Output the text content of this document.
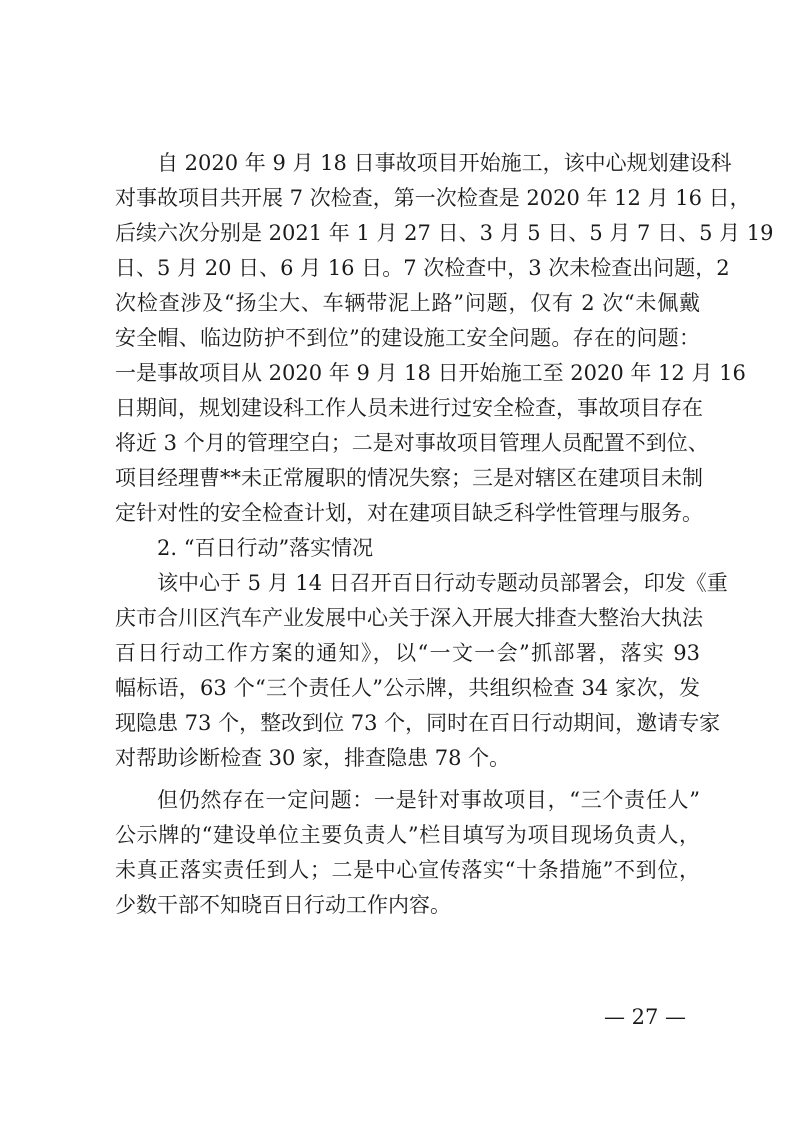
自 2020 年 9 月 18 日事故项目开始施工，该中心规划建设科
对事故项目共开展 7 次检查，第一次检查是 2020 年 12 月 16 日，
后续六次分别是 2021 年 1 月 27 日、3 月 5 日、5 月 7 日、5 月 19
日、5 月 20 日、6 月 16 日。7 次检查中，3 次未检查出问题，2
次检查涉及“扬尘大、车辆带泥上路”问题，仅有 2 次“未佩戴
安全帽、临边防护不到位”的建设施工安全问题。存在的问题：
一是事故项目从 2020 年 9 月 18 日开始施工至 2020 年 12 月 16
日期间，规划建设科工作人员未进行过安全检查，事故项目存在
将近 3 个月的管理空白；二是对事故项目管理人员配置不到位、
项目经理曹**未正常履职的情况失察；三是对辖区在建项目未制
定针对性的安全检查计划，对在建项目缺乏科学性管理与服务。
2. “百日行动”落实情况
该中心于 5 月 14 日召开百日行动专题动员部署会，印发《重
庆市合川区汽车产业发展中心关于深入开展大排查大整治大执法
百日行动工作方案的通知》，以“一文一会”抓部署，落实 93
幅标语，63 个“三个责任人”公示牌，共组织检查 34 家次，发
现隐患 73 个，整改到位 73 个，同时在百日行动期间，邀请专家
对帮助诊断检查 30 家，排查隐患 78 个。
但仍然存在一定问题：一是针对事故项目，“三个责任人”
公示牌的“建设单位主要负责人”栏目填写为项目现场负责人，
未真正落实责任到人；二是中心宣传落实“十条措施”不到位，
少数干部不知晓百日行动工作内容。
— 27 —
